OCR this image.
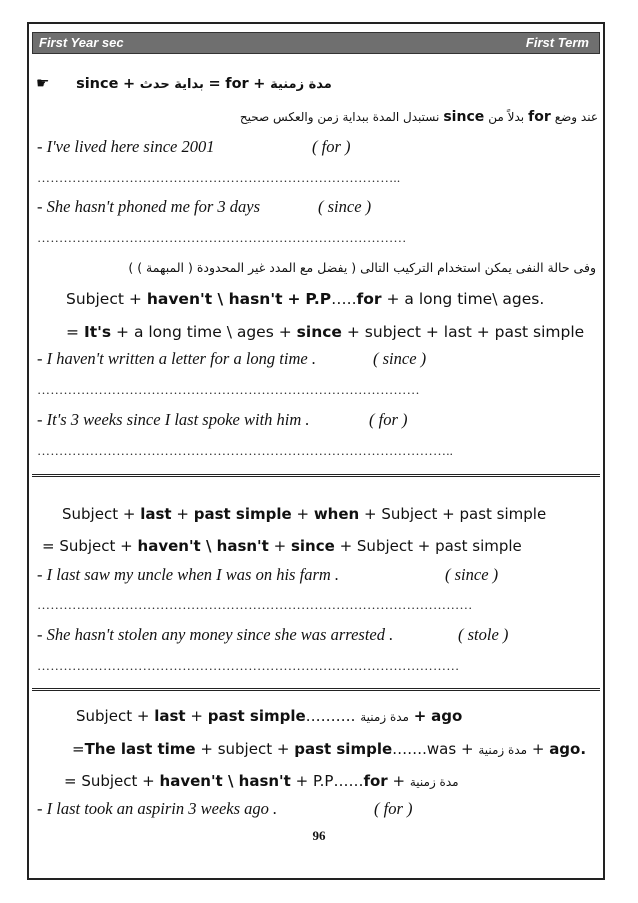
First Year sec	First Term
☛ since + بداية حدث = for + مدة زمنية
عند وضع for بدلاً من since نستبدل المدة ببداية زمن والعكس صحيح
- I've lived here since 2001	( for )
………………………………………………………………………..
- She hasn't phoned me for 3 days	( since )
…………………………………………………………………………
وفى حالة النفى يمكن استخدام التركيب التالى ( يفضل مع المدد غير المحدودة ( المبهمة ) )
Subject + haven't \ hasn't + P.P…..for + a long time\ ages.
= It's + a long time \ ages + since + subject + last + past simple
- I haven't written a letter for a long time .	( since )
……………………………………………………………………………
- It's 3 weeks since I last spoke with him .	( for )
…………………………………………………………………………………..
Subject + last + past simple + when + Subject + past simple
= Subject + haven't \ hasn't + since + Subject + past simple
- I last saw my uncle when I was on his farm .	( since )
………………………………………………………………………………………
- She hasn't stolen any money since she was arrested .	( stole )
……………………………………………………………………………………
Subject + last + past simple………. مدة زمنية + ago
=The last time + subject + past simple…….was + مدة زمنية + ago.
= Subject + haven't \ hasn't + P.P……for + مدة زمنية
- I last took an aspirin 3 weeks ago .	( for )
96
